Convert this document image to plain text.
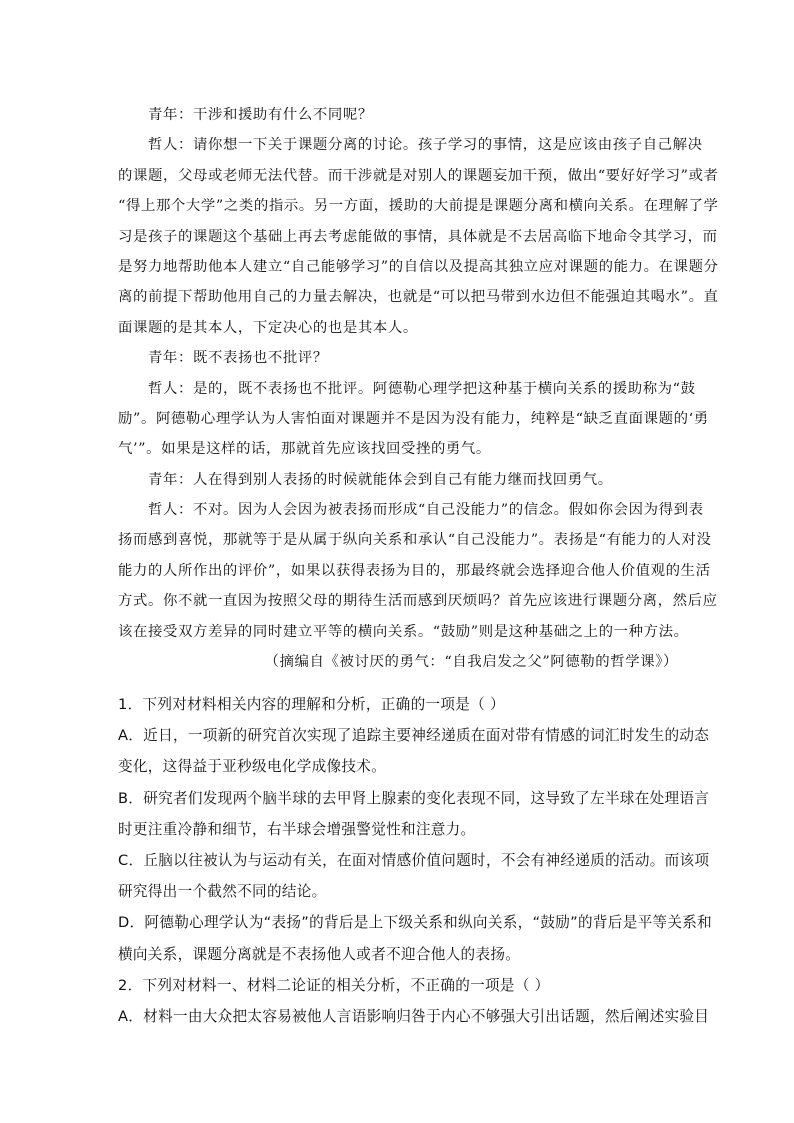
青年：干涉和援助有什么不同呢？
哲人：请你想一下关于课题分离的讨论。孩子学习的事情，这是应该由孩子自己解决
的课题，父母或老师无法代替。而干涉就是对别人的课题妄加干预，做出“要好好学习”或者
“得上那个大学”之类的指示。另一方面，援助的大前提是课题分离和横向关系。在理解了学
习是孩子的课题这个基础上再去考虑能做的事情，具体就是不去居高临下地命令其学习，而
是努力地帮助他本人建立“自己能够学习”的自信以及提高其独立应对课题的能力。在课题分
离的前提下帮助他用自己的力量去解决，也就是“可以把马带到水边但不能强迫其喝水”。直
面课题的是其本人，下定决心的也是其本人。
青年：既不表扬也不批评？
哲人：是的，既不表扬也不批评。阿德勒心理学把这种基于横向关系的援助称为“鼓
励”。阿德勒心理学认为人害怕面对课题并不是因为没有能力，纯粹是“缺乏直面课题的‘勇
气’”。如果是这样的话，那就首先应该找回受挫的勇气。
青年：人在得到别人表扬的时候就能体会到自己有能力继而找回勇气。
哲人：不对。因为人会因为被表扬而形成“自己没能力”的信念。假如你会因为得到表
扬而感到喜悦，那就等于是从属于纵向关系和承认“自己没能力”。表扬是“有能力的人对没
能力的人所作出的评价”，如果以获得表扬为目的，那最终就会选择迎合他人价值观的生活
方式。你不就一直因为按照父母的期待生活而感到厌烦吗？首先应该进行课题分离，然后应
该在接受双方差异的同时建立平等的横向关系。“鼓励”则是这种基础之上的一种方法。
（摘编自《被讨厌的勇气：“自我启发之父”阿德勒的哲学课》）
1．下列对材料相关内容的理解和分析，正确的一项是（ ）
A．近日，一项新的研究首次实现了追踪主要神经递质在面对带有情感的词汇时发生的动态
变化，这得益于亚秒级电化学成像技术。
B．研究者们发现两个脑半球的去甲肾上腺素的变化表现不同，这导致了左半球在处理语言
时更注重冷静和细节，右半球会增强警觉性和注意力。
C．丘脑以往被认为与运动有关，在面对情感价值问题时，不会有神经递质的活动。而该项
研究得出一个截然不同的结论。
D．阿德勒心理学认为“表扬”的背后是上下级关系和纵向关系，“鼓励”的背后是平等关系和
横向关系，课题分离就是不表扬他人或者不迎合他人的表扬。
2．下列对材料一、材料二论证的相关分析，不正确的一项是（ ）
A．材料一由大众把太容易被他人言语影响归咎于内心不够强大引出话题，然后阐述实验目
